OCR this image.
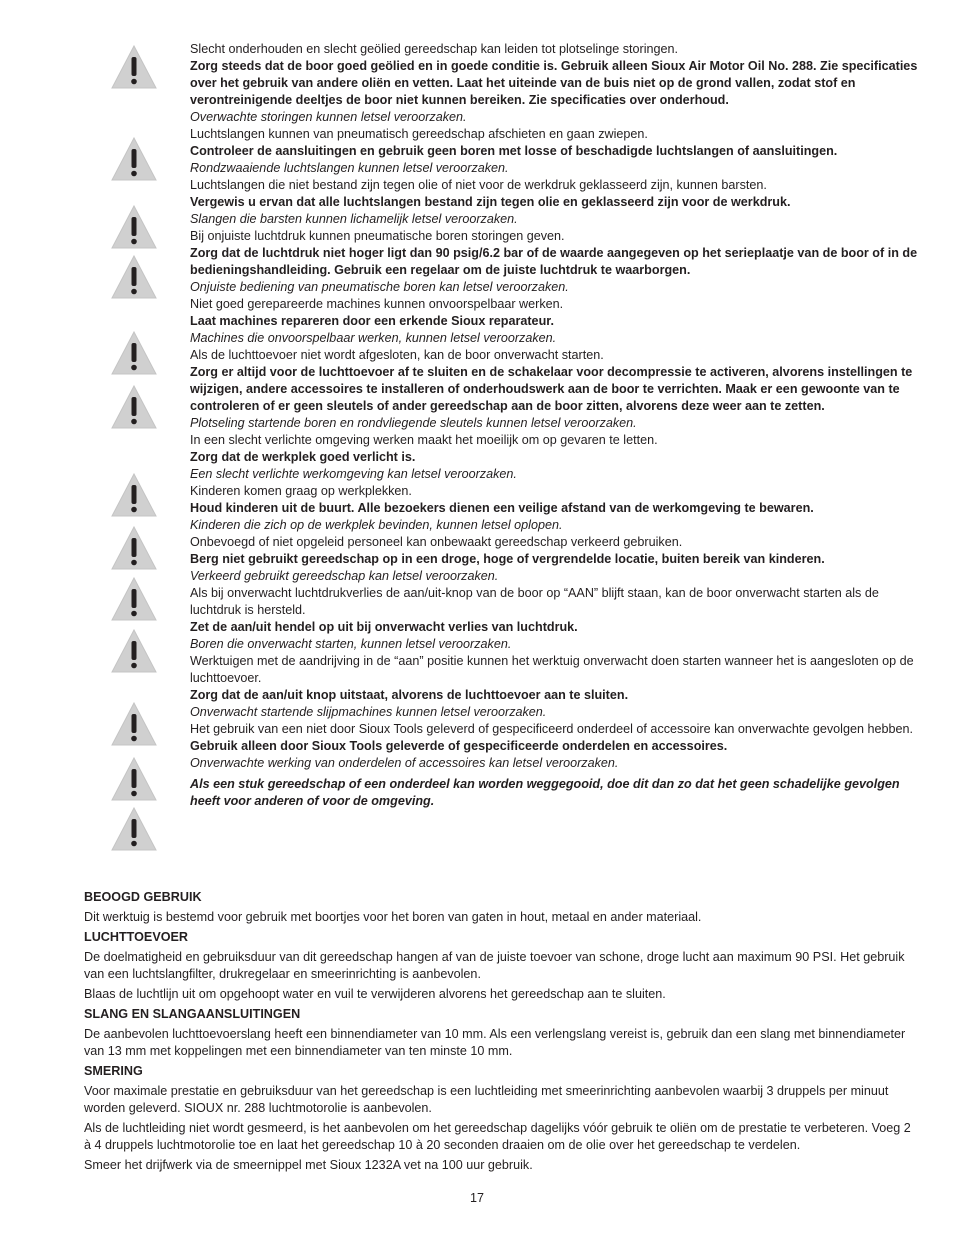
Slecht onderhouden en slecht geölied gereedschap kan leiden tot plotselinge storingen.
Zorg steeds dat de boor goed geölied en in goede conditie is. Gebruik alleen Sioux Air Motor Oil No. 288. Zie specificaties over het gebruik van andere oliën en vetten. Laat het uiteinde van de buis niet op de grond vallen, zodat stof en verontreinigende deeltjes de boor niet kunnen bereiken. Zie specificaties over onderhoud.
Overwachte storingen kunnen letsel veroorzaken.
Luchtslangen kunnen van pneumatisch gereedschap afschieten en gaan zwiepen.
Controleer de aansluitingen en gebruik geen boren met losse of beschadigde luchtslangen of aansluitingen.
Rondzwaaiende luchtslangen kunnen letsel veroorzaken.
Luchtslangen die niet bestand zijn tegen olie of niet voor de werkdruk geklasseerd zijn, kunnen barsten.
Vergewis u ervan dat alle luchtslangen bestand zijn tegen olie en geklasseerd zijn voor de werkdruk.
Slangen die barsten kunnen lichamelijk letsel veroorzaken.
Bij onjuiste luchtdruk kunnen pneumatische boren storingen geven.
Zorg dat de luchtdruk niet hoger ligt dan 90 psig/6.2 bar of de waarde aangegeven op het serieplaatje van de boor of in de bedieningshandleiding. Gebruik een regelaar om de juiste luchtdruk te waarborgen.
Onjuiste bediening van pneumatische boren kan letsel veroorzaken.
Niet goed gerepareerde machines kunnen onvoorspelbaar werken.
Laat machines repareren door een erkende Sioux reparateur.
Machines die onvoorspelbaar werken, kunnen letsel veroorzaken.
Als de luchttoevoer niet wordt afgesloten, kan de boor onverwacht starten.
Zorg er altijd voor de luchttoevoer af te sluiten en de schakelaar voor decompressie te activeren, alvorens instellingen te wijzigen, andere accessoires te installeren of onderhoudswerk aan de boor te verrichten. Maak er een gewoonte van te controleren of er geen sleutels of ander gereedschap aan de boor zitten, alvorens deze weer aan te zetten.
Plotseling startende boren en rondvliegende sleutels kunnen letsel veroorzaken.
In een slecht verlichte omgeving werken maakt het moeilijk om op gevaren te letten.
Zorg dat de werkplek goed verlicht is.
Een slecht verlichte werkomgeving kan letsel veroorzaken.
Kinderen komen graag op werkplekken.
Houd kinderen uit de buurt. Alle bezoekers dienen een veilige afstand van de werkomgeving te bewaren.
Kinderen die zich op de werkplek bevinden, kunnen letsel oplopen.
Onbevoegd of niet opgeleid personeel kan onbewaakt gereedschap verkeerd gebruiken.
Berg niet gebruikt gereedschap op in een droge, hoge of vergrendelde locatie, buiten bereik van kinderen.
Verkeerd gebruikt gereedschap kan letsel veroorzaken.
Als bij onverwacht luchtdrukverlies de aan/uit-knop van de boor op “AAN” blijft staan, kan de boor onverwacht starten als de luchtdruk is hersteld.
Zet de aan/uit hendel op uit bij onverwacht verlies van luchtdruk.
Boren die onverwacht starten, kunnen letsel veroorzaken.
Werktuigen met de aandrijving in de “aan” positie kunnen het werktuig onverwacht doen starten wanneer het is aangesloten op de luchttoevoer.
Zorg dat de aan/uit knop uitstaat, alvorens de luchttoevoer aan te sluiten.
Onverwacht startende slijpmachines kunnen letsel veroorzaken.
Het gebruik van een niet door Sioux Tools geleverd of gespecificeerd onderdeel of accessoire kan onverwachte gevolgen hebben.
Gebruik alleen door Sioux Tools geleverde of gespecificeerde onderdelen en accessoires.
Onverwachte werking van onderdelen of accessoires kan letsel veroorzaken.
Als een stuk gereedschap of een onderdeel kan worden weggegooid, doe dit dan zo dat het geen schadelijke gevolgen heeft voor anderen of voor de omgeving.
BEOOGD GEBRUIK
Dit werktuig is bestemd voor gebruik met boortjes voor het boren van gaten in hout, metaal en ander materiaal.
LUCHTTOEVOER
De doelmatigheid en gebruiksduur van dit gereedschap hangen af van de juiste toevoer van schone, droge lucht aan maximum 90 PSI. Het gebruik van een luchtslangfilter, drukregelaar en smeerinrichting is aanbevolen.
Blaas de luchtlijn uit om opgehoopt water en vuil te verwijderen alvorens het gereedschap aan te sluiten.
SLANG EN SLANGAANSLUITINGEN
De aanbevolen luchttoevoerslang heeft een binnendiameter van 10 mm. Als een verlengslang vereist is, gebruik dan een slang met binnendiameter van 13 mm met koppelingen met een binnendiameter van ten minste 10 mm.
SMERING
Voor maximale prestatie en gebruiksduur van het gereedschap is een luchtleiding met smeerinrichting aanbevolen waarbij 3 druppels per minuut worden geleverd. SIOUX nr. 288 luchtmotorolie is aanbevolen.
Als de luchtleiding niet wordt gesmeerd, is het aanbevolen om het gereedschap dagelijks vóór gebruik te oliën om de prestatie te verbeteren. Voeg 2 à 4 druppels luchtmotorolie toe en laat het gereedschap 10 à 20 seconden draaien om de olie over het gereedschap te verdelen.
Smeer het drijfwerk via de smeernippel met Sioux 1232A vet na 100 uur gebruik.
17
